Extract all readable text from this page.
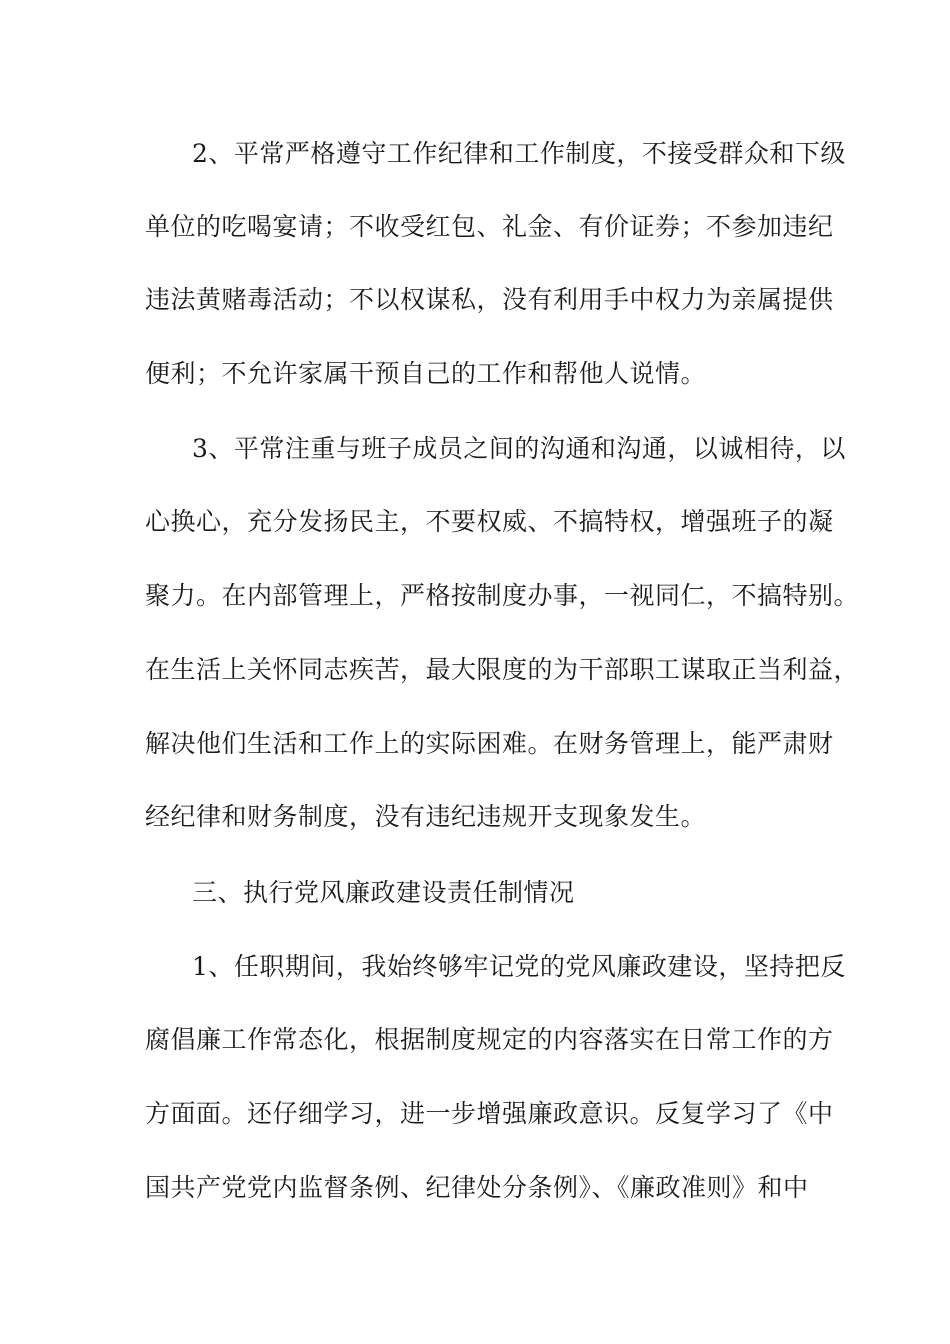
2、平常严格遵守工作纪律和工作制度，不接受群众和下级

单位的吃喝宴请；不收受红包、礼金、有价证券；不参加违纪

违法黄赌毒活动；不以权谋私，没有利用手中权力为亲属提供

便利；不允许家属干预自己的工作和帮他人说情。

3、平常注重与班子成员之间的沟通和沟通，以诚相待，以

心换心，充分发扬民主，不要权威、不搞特权，增强班子的凝

聚力。在内部管理上，严格按制度办事，一视同仁，不搞特别。

在生活上关怀同志疾苦，最大限度的为干部职工谋取正当利益，

解决他们生活和工作上的实际困难。在财务管理上，能严肃财

经纪律和财务制度，没有违纪违规开支现象发生。

三、执行党风廉政建设责任制情况

1、任职期间，我始终够牢记党的党风廉政建设，坚持把反

腐倡廉工作常态化，根据制度规定的内容落实在日常工作的方

方面面。还仔细学习，进一步增强廉政意识。反复学习了《中

国共产党党内监督条例、纪律处分条例》、《廉政准则》和中
